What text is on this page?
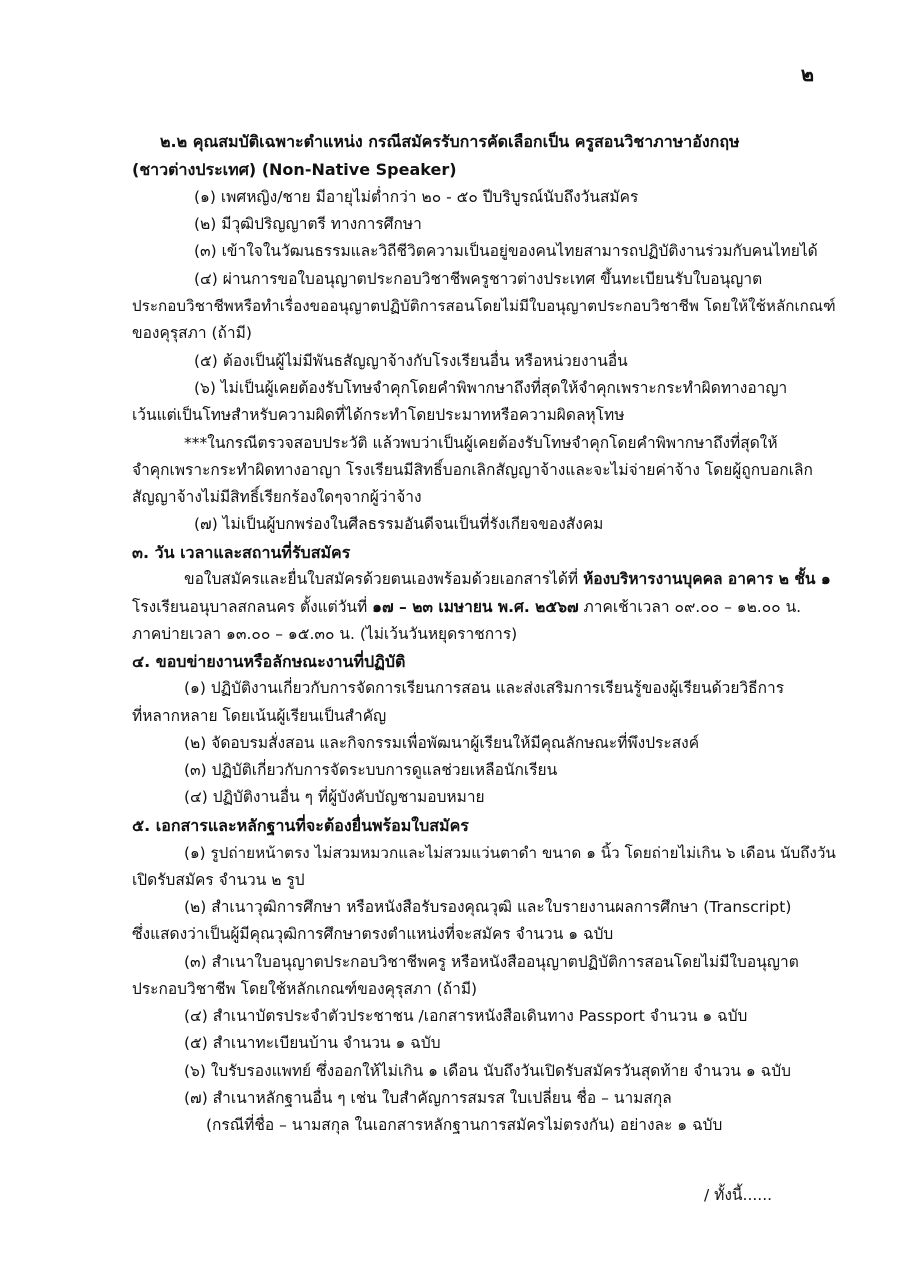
๒
๒.๒ คุณสมบัติเฉพาะตำแหน่ง กรณีสมัครรับการคัดเลือกเป็น ครูสอนวิชาภาษาอังกฤษ
(ชาวต่างประเทศ) (Non-Native Speaker)
(๑) เพศหญิง/ชาย มีอายุไม่ต่ำกว่า ๒๐ - ๕๐ ปีบริบูรณ์นับถึงวันสมัคร
(๒) มีวุฒิปริญญาตรี ทางการศึกษา
(๓) เข้าใจในวัฒนธรรมและวิถีชีวิตความเป็นอยู่ของคนไทยสามารถปฏิบัติงานร่วมกับคนไทยได้
(๔) ผ่านการขอใบอนุญาตประกอบวิชาชีพครูชาวต่างประเทศ ขึ้นทะเบียนรับใบอนุญาต
ประกอบวิชาชีพหรือทำเรื่องขออนุญาตปฏิบัติการสอนโดยไม่มีใบอนุญาตประกอบวิชาชีพ โดยให้ใช้หลักเกณฑ์
ของคุรุสภา (ถ้ามี)
(๕) ต้องเป็นผู้ไม่มีพันธสัญญาจ้างกับโรงเรียนอื่น หรือหน่วยงานอื่น
(๖) ไม่เป็นผู้เคยต้องรับโทษจำคุกโดยคำพิพากษาถึงที่สุดให้จำคุกเพราะกระทำผิดทางอาญา
เว้นแต่เป็นโทษสำหรับความผิดที่ได้กระทำโดยประมาทหรือความผิดลหุโทษ
***ในกรณีตรวจสอบประวัติ แล้วพบว่าเป็นผู้เคยต้องรับโทษจำคุกโดยคำพิพากษาถึงที่สุดให้
จำคุกเพราะกระทำผิดทางอาญา โรงเรียนมีสิทธิ์บอกเลิกสัญญาจ้างและจะไม่จ่ายค่าจ้าง โดยผู้ถูกบอกเลิก
สัญญาจ้างไม่มีสิทธิ์เรียกร้องใดๆจากผู้ว่าจ้าง
(๗) ไม่เป็นผู้บกพร่องในศีลธรรมอันดีจนเป็นที่รังเกียจของสังคม
๓. วัน เวลาและสถานที่รับสมัคร
ขอใบสมัครและยื่นใบสมัครด้วยตนเองพร้อมด้วยเอกสารได้ที่ ห้องบริหารงานบุคคล อาคาร ๒ ชั้น ๑
โรงเรียนอนุบาลสกลนคร ตั้งแต่วันที่ ๑๗ – ๒๓ เมษายน พ.ศ. ๒๕๖๗ ภาคเช้าเวลา ๐๙.๐๐ – ๑๒.๐๐ น.
ภาคบ่ายเวลา ๑๓.๐๐ – ๑๕.๓๐ น. (ไม่เว้นวันหยุดราชการ)
๔. ขอบข่ายงานหรือลักษณะงานที่ปฏิบัติ
(๑) ปฏิบัติงานเกี่ยวกับการจัดการเรียนการสอน และส่งเสริมการเรียนรู้ของผู้เรียนด้วยวิธีการ
ที่หลากหลาย โดยเน้นผู้เรียนเป็นสำคัญ
(๒) จัดอบรมสั่งสอน และกิจกรรมเพื่อพัฒนาผู้เรียนให้มีคุณลักษณะที่พึงประสงค์
(๓) ปฏิบัติเกี่ยวกับการจัดระบบการดูแลช่วยเหลือนักเรียน
(๔) ปฏิบัติงานอื่น ๆ ที่ผู้บังคับบัญชามอบหมาย
๕. เอกสารและหลักฐานที่จะต้องยื่นพร้อมใบสมัคร
(๑) รูปถ่ายหน้าตรง ไม่สวมหมวกและไม่สวมแว่นตาดำ ขนาด ๑ นิ้ว โดยถ่ายไม่เกิน ๖ เดือน นับถึงวัน
เปิดรับสมัคร จำนวน ๒ รูป
(๒) สำเนาวุฒิการศึกษา หรือหนังสือรับรองคุณวุฒิ และใบรายงานผลการศึกษา (Transcript)
ซึ่งแสดงว่าเป็นผู้มีคุณวุฒิการศึกษาตรงตำแหน่งที่จะสมัคร จำนวน ๑ ฉบับ
(๓) สำเนาใบอนุญาตประกอบวิชาชีพครู หรือหนังสืออนุญาตปฏิบัติการสอนโดยไม่มีใบอนุญาต
ประกอบวิชาชีพ โดยใช้หลักเกณฑ์ของคุรุสภา (ถ้ามี)
(๔) สำเนาบัตรประจำตัวประชาชน /เอกสารหนังสือเดินทาง Passport จำนวน ๑ ฉบับ
(๕) สำเนาทะเบียนบ้าน จำนวน ๑ ฉบับ
(๖) ใบรับรองแพทย์ ซึ่งออกให้ไม่เกิน ๑ เดือน นับถึงวันเปิดรับสมัครวันสุดท้าย จำนวน ๑ ฉบับ
(๗) สำเนาหลักฐานอื่น ๆ เช่น ใบสำคัญการสมรส ใบเปลี่ยน ชื่อ – นามสกุล
(กรณีที่ชื่อ – นามสกุล ในเอกสารหลักฐานการสมัครไม่ตรงกัน) อย่างละ ๑ ฉบับ
/ ทั้งนี้......
